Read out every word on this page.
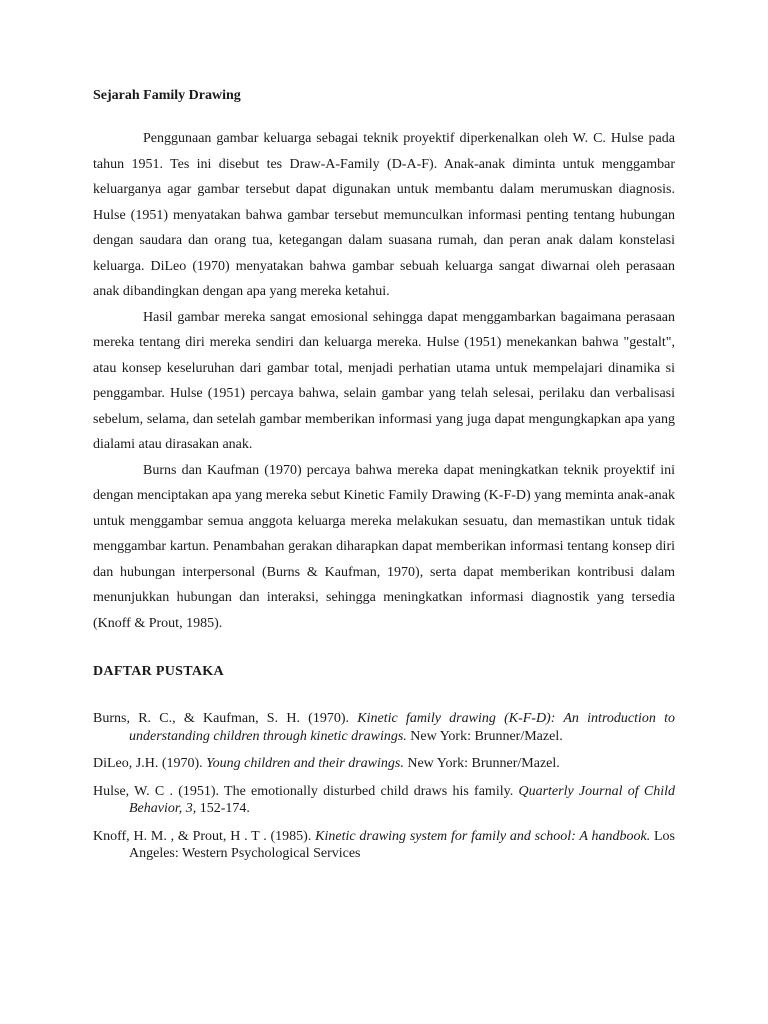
Sejarah Family Drawing

Penggunaan gambar keluarga sebagai teknik proyektif diperkenalkan oleh W. C. Hulse pada tahun 1951. Tes ini disebut tes Draw-A-Family (D-A-F). Anak-anak diminta untuk menggambar keluarganya agar gambar tersebut dapat digunakan untuk membantu dalam merumuskan diagnosis. Hulse (1951) menyatakan bahwa gambar tersebut memunculkan informasi penting tentang hubungan dengan saudara dan orang tua, ketegangan dalam suasana rumah, dan peran anak dalam konstelasi keluarga. DiLeo (1970) menyatakan bahwa gambar sebuah keluarga sangat diwarnai oleh perasaan anak dibandingkan dengan apa yang mereka ketahui.

Hasil gambar mereka sangat emosional sehingga dapat menggambarkan bagaimana perasaan mereka tentang diri mereka sendiri dan keluarga mereka. Hulse (1951) menekankan bahwa "gestalt", atau konsep keseluruhan dari gambar total, menjadi perhatian utama untuk mempelajari dinamika si penggambar. Hulse (1951) percaya bahwa, selain gambar yang telah selesai, perilaku dan verbalisasi sebelum, selama, dan setelah gambar memberikan informasi yang juga dapat mengungkapkan apa yang dialami atau dirasakan anak.

Burns dan Kaufman (1970) percaya bahwa mereka dapat meningkatkan teknik proyektif ini dengan menciptakan apa yang mereka sebut Kinetic Family Drawing (K-F-D) yang meminta anak-anak untuk menggambar semua anggota keluarga mereka melakukan sesuatu, dan memastikan untuk tidak menggambar kartun. Penambahan gerakan diharapkan dapat memberikan informasi tentang konsep diri dan hubungan interpersonal (Burns & Kaufman, 1970), serta dapat memberikan kontribusi dalam menunjukkan hubungan dan interaksi, sehingga meningkatkan informasi diagnostik yang tersedia (Knoff & Prout, 1985).

DAFTAR PUSTAKA
Burns, R. C., & Kaufman, S. H. (1970). Kinetic family drawing (K-F-D): An introduction to understanding children through kinetic drawings. New York: Brunner/Mazel.
DiLeo, J.H. (1970). Young children and their drawings. New York: Brunner/Mazel.
Hulse, W. C . (1951). The emotionally disturbed child draws his family. Quarterly Journal of Child Behavior, 3, 152-174.
Knoff, H. M. , & Prout, H . T . (1985). Kinetic drawing system for family and school: A handbook. Los Angeles: Western Psychological Services
